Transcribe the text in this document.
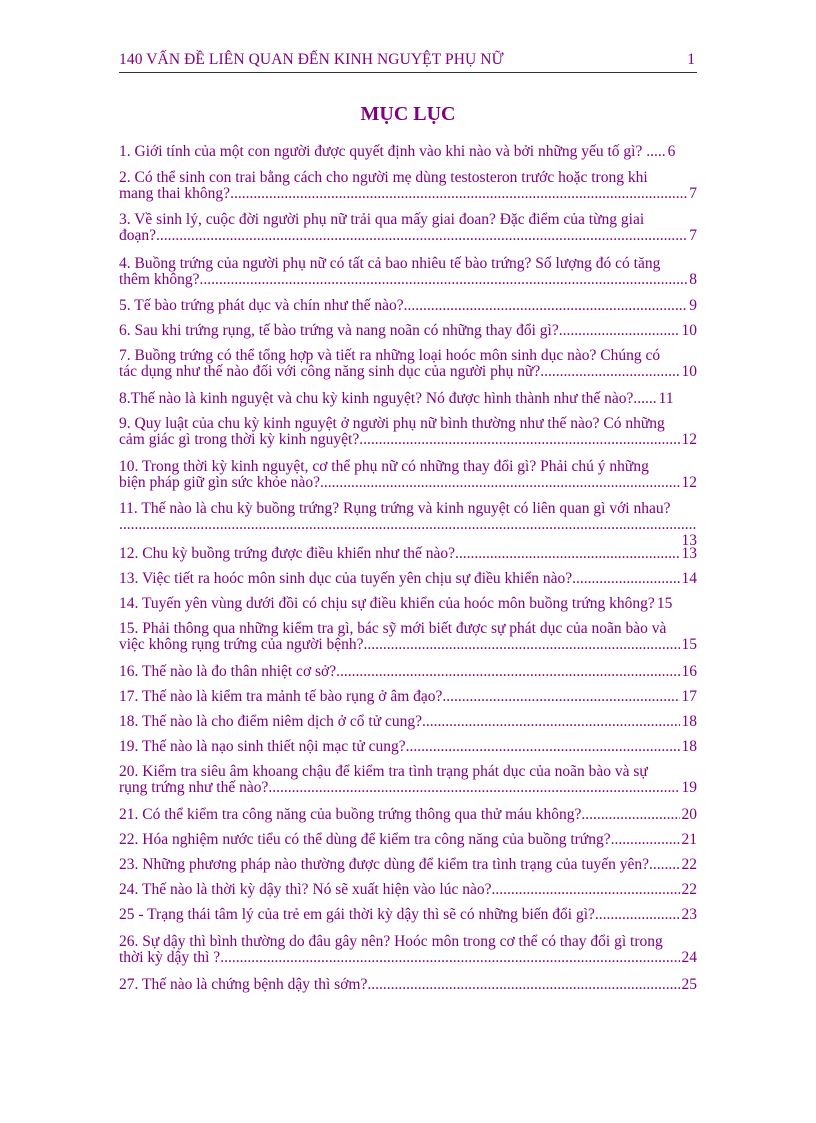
140 VẤN ĐỀ LIÊN QUAN ĐẾN KINH NGUYỆT PHỤ NỮ	1
MỤC LỤC
1. Giới tính của một con người được quyết định vào khi nào và bởi những yếu tố gì? ..... 6
2. Có thể sinh con trai bằng cách cho người mẹ dùng testosteron trước hoặc trong khi
mang thai không? .....	7
3. Về sinh lý, cuộc đời người phụ nữ trải qua mấy giai đoan? Đặc điểm của từng giai
đoạn? .....	7
4. Buồng trứng của người phụ nữ có tất cả bao nhiêu tế bào trứng? Số lượng đó có tăng
thêm không? .....	8
5. Tế bào trứng phát dục và chín như thế nào? .....	9
6. Sau khi trứng rụng, tế bào trứng và nang noãn có những thay đổi gì? .....	10
7. Buồng trứng có thể tổng hợp và tiết ra những loại hoóc môn sinh dục nào? Chúng có
tác dụng như thế nào đối với công năng sinh dục của người phụ nữ? .....	10
8.Thế nào là kinh nguyệt và chu kỳ kinh nguyệt? Nó được hình thành như thế nào?...... 11
9. Quy luật của chu kỳ kinh nguyệt ở người phụ nữ bình thường như thế nào? Có những
cảm giác gì trong thời kỳ kinh nguyệt? .....	12
10. Trong thời kỳ kinh nguyệt, cơ thể phụ nữ có những thay đổi gì? Phải chú ý những
biện pháp giữ gìn sức khỏe nào? .....	12
11. Thế nào là chu kỳ buồng trứng? Rụng trứng và kinh nguyệt có liên quan gì với nhau?
.....
13
12. Chu kỳ buồng trứng được điều khiển như thế nào? .....	13
13. Việc tiết ra hoóc môn sinh dục của tuyến yên chịu sự điều khiển nào? .....	14
14. Tuyến yên vùng dưới đồi có chịu sự điều khiển của hoóc môn buồng trứng không? 15
15. Phải thông qua những kiểm tra gì, bác sỹ mới biết được sự phát dục của noãn bào và
việc không rụng trứng của người bệnh? .....	15
16. Thế nào là đo thân nhiệt cơ sở? .....	16
17. Thế nào là kiểm tra mảnh tế bào rụng ở âm đạo? .....	17
18. Thế nào là cho điểm niêm dịch ở cổ tử cung? .....	18
19. Thế nào là nạo sinh thiết nội mạc tử cung? .....	18
20. Kiểm tra siêu âm khoang chậu để kiểm tra tình trạng phát dục của noãn bào và sự
rụng trứng như thế nào? .....	19
21. Có thể kiểm tra công năng của buồng trứng thông qua thử máu không? .....	20
22. Hóa nghiệm nước tiểu có thể dùng để kiểm tra công năng của buồng trứng? .....	21
23. Những phương pháp nào thường được dùng để kiểm tra tình trạng của tuyến yên?.. ..... 22
24. Thế nào là thời kỳ dậy thì? Nó sẽ xuất hiện vào lúc nào? .....	22
25 - Trạng thái tâm lý của trẻ em gái thời kỳ dậy thì sẽ có những biến đổi gì? .....	23
26. Sự dậy thì bình thường do đâu gây nên? Hoóc môn trong cơ thể có thay đổi gì trong
thời kỳ dậy thì ? .....	24
27. Thế nào là chứng bệnh dậy thì sớm? .....	25
